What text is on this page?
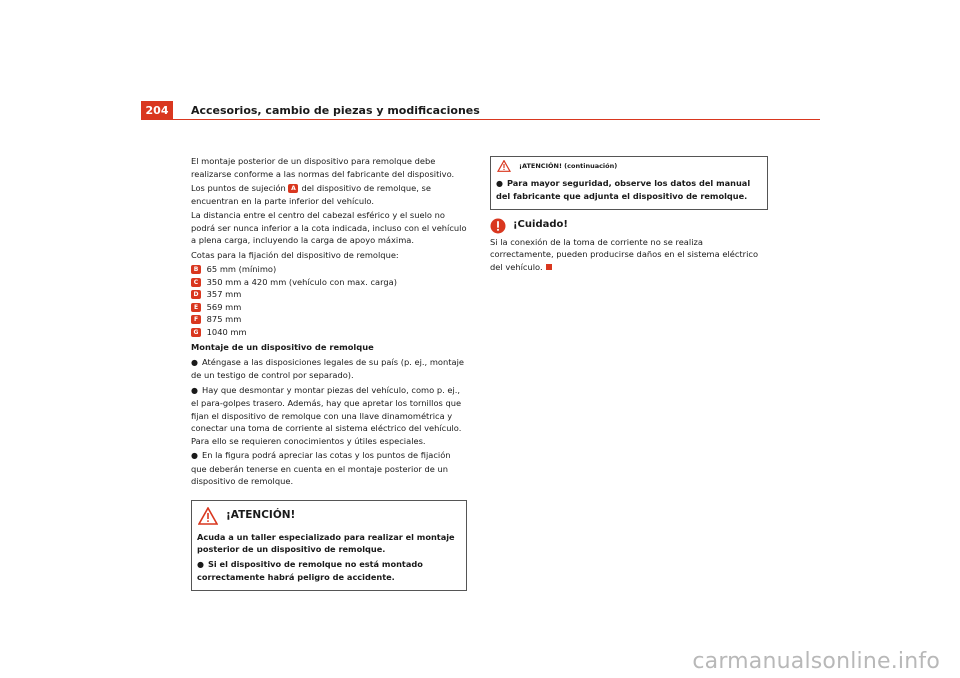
204	Accesorios, cambio de piezas y modificaciones

El montaje posterior de un dispositivo para remolque debe realizarse conforme a las normas del fabricante del dispositivo.

Los puntos de sujeción A del dispositivo de remolque, se encuentran en la parte inferior del vehículo.

La distancia entre el centro del cabezal esférico y el suelo no podrá ser nunca inferior a la cota indicada, incluso con el vehículo a plena carga, incluyendo la carga de apoyo máxima.

Cotas para la fijación del dispositivo de remolque:

B 65 mm (mínimo)
C 350 mm a 420 mm (vehículo con max. carga)
D 357 mm
E 569 mm
F 875 mm
G 1040 mm

Montaje de un dispositivo de remolque

● Aténgase a las disposiciones legales de su país (p. ej., montaje de un testigo de control por separado).

● Hay que desmontar y montar piezas del vehículo, como p. ej., el para-golpes trasero. Además, hay que apretar los tornillos que fijan el dispositivo de remolque con una llave dinamométrica y conectar una toma de corriente al sistema eléctrico del vehículo. Para ello se requieren conocimientos y útiles especiales.

● En la figura podrá apreciar las cotas y los puntos de fijación que deberán tenerse en cuenta en el montaje posterior de un dispositivo de remolque.

¡ATENCIÓN!

Acuda a un taller especializado para realizar el montaje posterior de un dispositivo de remolque.

● Si el dispositivo de remolque no está montado correctamente habrá peligro de accidente.

¡ATENCIÓN! (continuación)

● Para mayor seguridad, observe los datos del manual del fabricante que adjunta el dispositivo de remolque.

¡Cuidado!

Si la conexión de la toma de corriente no se realiza correctamente, pueden producirse daños en el sistema eléctrico del vehículo.

carmanualsonline.info
